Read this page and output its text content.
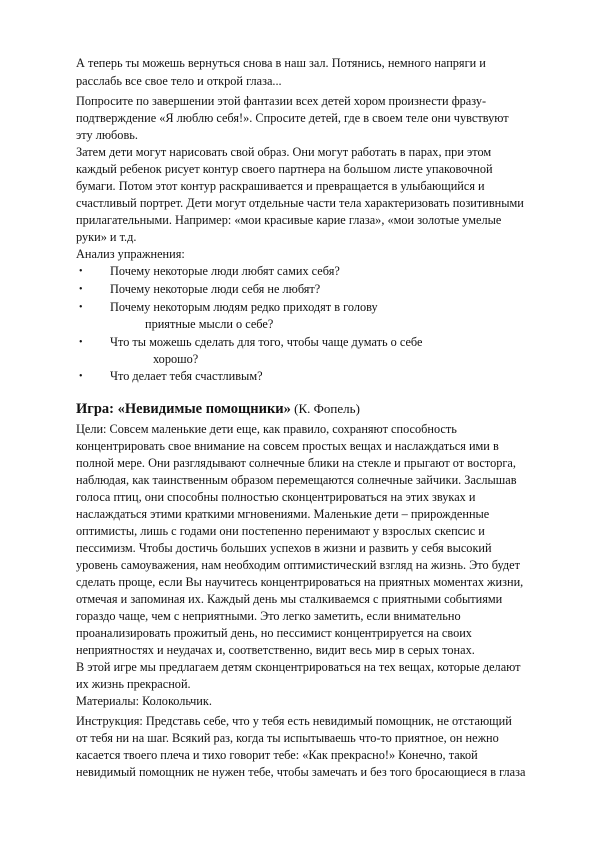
А теперь ты можешь вернуться снова в наш зал. Потянись, немного напряги и
расслабь все свое тело и открой глаза...
Попросите по завершении этой фантазии всех детей хором произнести фразу-
подтверждение «Я люблю себя!». Спросите детей, где в своем теле они чувствуют
эту любовь.
Затем дети могут нарисовать свой образ. Они могут работать в парах, при этом
каждый ребенок рисует контур своего партнера на большом листе упаковочной
бумаги. Потом этот контур раскрашивается и превращается в улыбающийся и
счастливый портрет. Дети могут отдельные части тела характеризовать позитивными
прилагательными. Например: «мои красивые карие глаза», «мои золотые умелые
руки» и т.д.
Анализ упражнения:
• Почему некоторые люди любят самих себя?
• Почему некоторые люди себя не любят?
• Почему некоторым людям редко приходят в голову
приятные мысли о себе?
• Что ты можешь сделать для того, чтобы чаще думать о себе
хорошо?
• Что делает тебя счастливым?
Игра: «Невидимые помощники» (К. Фопель)
Цели: Совсем маленькие дети еще, как правило, сохраняют способность
концентрировать свое внимание на совсем простых вещах и наслаждаться ими в
полной мере. Они разглядывают солнечные блики на стекле и прыгают от восторга,
наблюдая, как таинственным образом перемещаются солнечные зайчики. Заслышав
голоса птиц, они способны полностью сконцентрироваться на этих звуках и
наслаждаться этими краткими мгновениями. Маленькие дети – прирожденные
оптимисты, лишь с годами они постепенно перенимают у взрослых скепсис и
пессимизм. Чтобы достичь больших успехов в жизни и развить у себя высокий
уровень самоуважения, нам необходим оптимистический взгляд на жизнь. Это будет
сделать проще, если Вы научитесь концентрироваться на приятных моментах жизни,
отмечая и запоминая их. Каждый день мы сталкиваемся с приятными событиями
гораздо чаще, чем с неприятными. Это легко заметить, если внимательно
проанализировать прожитый день, но пессимист концентрируется на своих
неприятностях и неудачах и, соответственно, видит весь мир в серых тонах.
В этой игре мы предлагаем детям сконцентрироваться на тех вещах, которые делают
их жизнь прекрасной.
Материалы: Колокольчик.
Инструкция: Представь себе, что у тебя есть невидимый помощник, не отстающий
от тебя ни на шаг. Всякий раз, когда ты испытываешь что-то приятное, он нежно
касается твоего плеча и тихо говорит тебе: «Как прекрасно!» Конечно, такой
невидимый помощник не нужен тебе, чтобы замечать и без того бросающиеся в глаза
